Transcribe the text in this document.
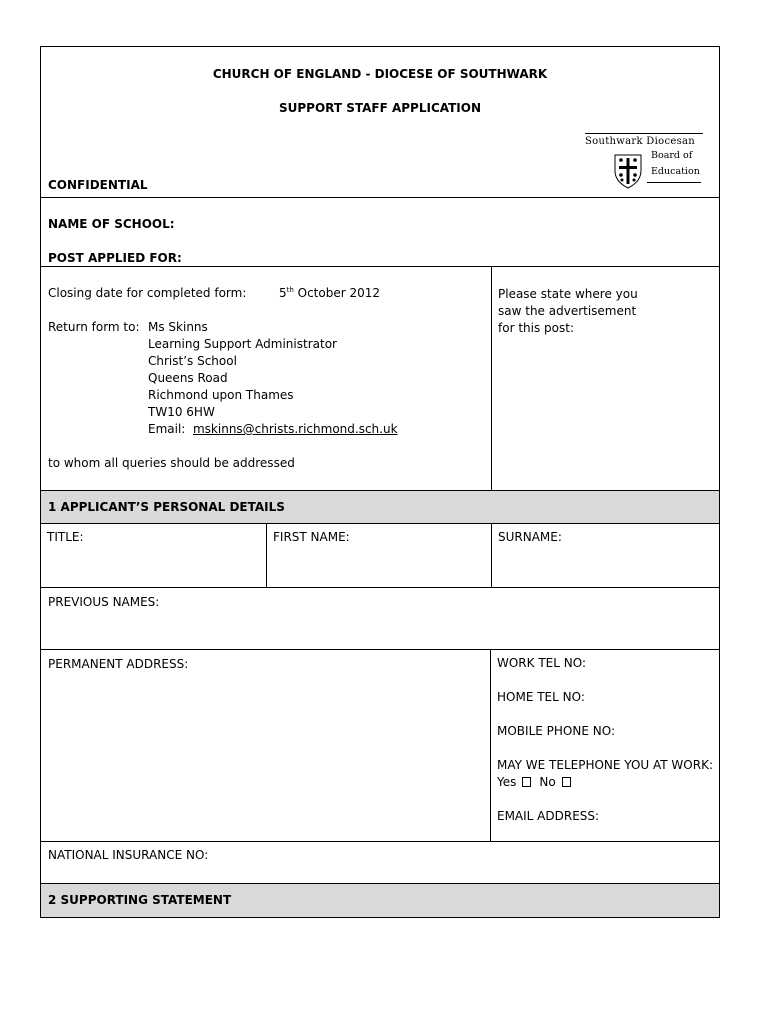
CHURCH OF ENGLAND - DIOCESE OF SOUTHWARK
SUPPORT STAFF APPLICATION
CONFIDENTIAL
Southwark Diocesan
Board of
Education
NAME OF SCHOOL:
POST APPLIED FOR:
Closing date for completed form:	5th October 2012
Return form to: Ms Skinns
Learning Support Administrator
Christ’s School
Queens Road
Richmond upon Thames
TW10 6HW
Email: mskinns@christs.richmond.sch.uk
to whom all queries should be addressed
Please state where you
saw the advertisement
for this post:
1 APPLICANT’S PERSONAL DETAILS
TITLE:	FIRST NAME:	SURNAME:
PREVIOUS NAMES:
PERMANENT ADDRESS:	WORK TEL NO:
HOME TEL NO:
MOBILE PHONE NO:
MAY WE TELEPHONE YOU AT WORK:
Yes No
EMAIL ADDRESS:
NATIONAL INSURANCE NO:
2 SUPPORTING STATEMENT
